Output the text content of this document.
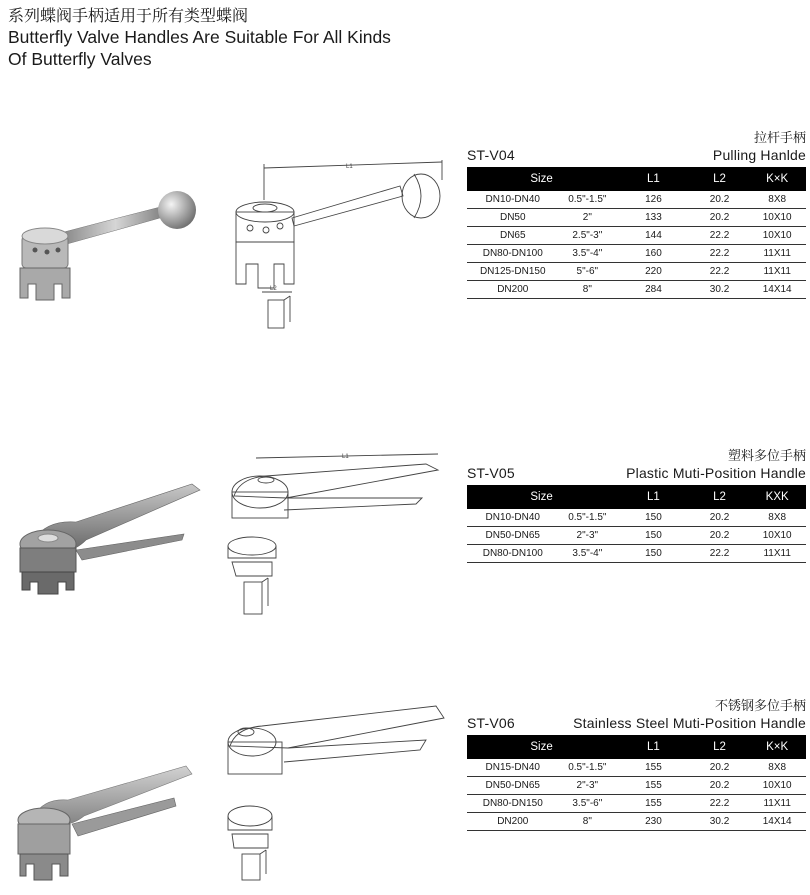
系列蝶阀手柄适用于所有类型蝶阀
Butterfly Valve Handles Are Suitable For All Kinds
Of Butterfly Valves
L1
L2
拉杆手柄
ST-V04	Pulling Hanlde
Size		L1	L2	K×K
DN10-DN40	0.5"-1.5"	126	20.2	8X8
DN50	2"	133	20.2	10X10
DN65	2.5"-3"	144	22.2	10X10
DN80-DN100	3.5"-4"	160	22.2	11X11
DN125-DN150	5"-6"	220	22.2	11X11
DN200	8"	284	30.2	14X14
L1	塑料多位手柄
ST-V05	Plastic Muti-Position Handle
Size		L1	L2	KXK
DN10-DN40	0.5"-1.5"	150	20.2	8X8
DN50-DN65	2"-3"	150	20.2	10X10
DN80-DN100	3.5"-4"	150	22.2	11X11
不锈钢多位手柄
ST-V06	Stainless Steel Muti-Position Handle
Size		L1	L2	K×K
DN15-DN40	0.5"-1.5"	155	20.2	8X8
DN50-DN65	2"-3"	155	20.2	10X10
DN80-DN150	3.5"-6"	155	22.2	11X11
DN200	8"	230	30.2	14X14
